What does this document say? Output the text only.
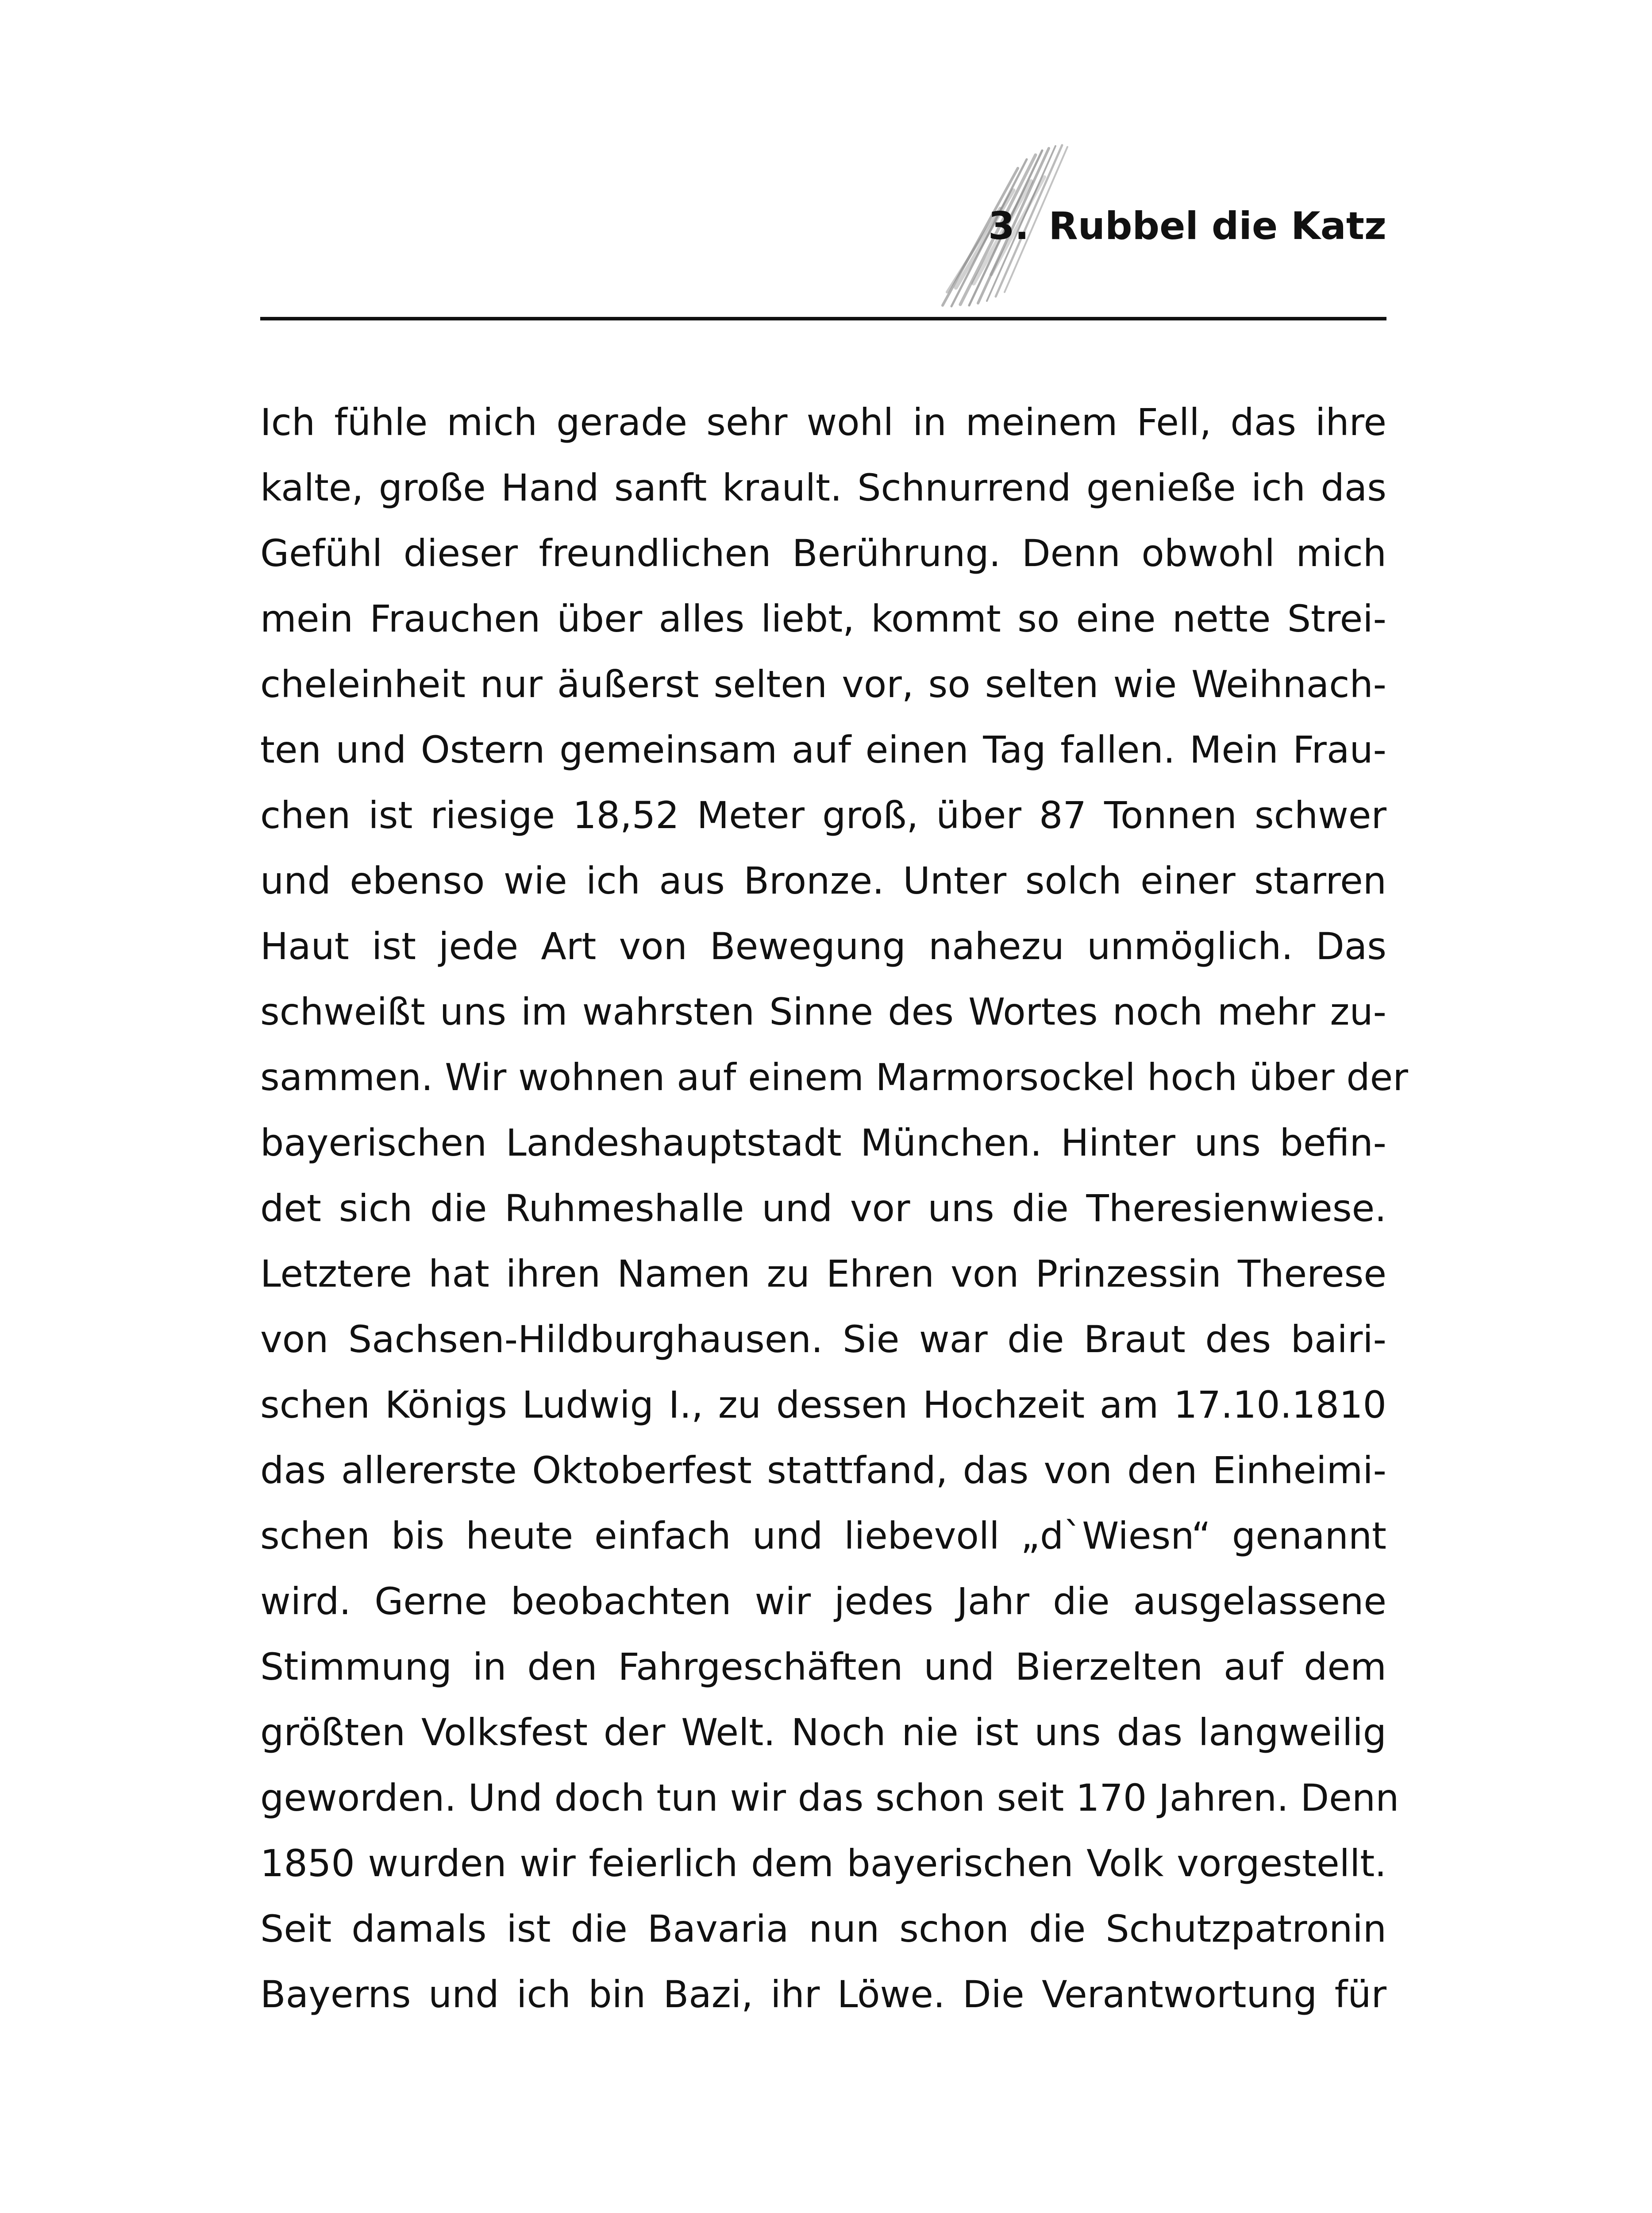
3. Rubbel die Katz
Ich fühle mich gerade sehr wohl in meinem Fell, das ihre
kalte, große Hand sanft krault. Schnurrend genieße ich das
Gefühl dieser freundlichen Berührung. Denn obwohl mich
mein Frauchen über alles liebt, kommt so eine nette Strei-
cheleinheit nur äußerst selten vor, so selten wie Weihnach-
ten und Ostern gemeinsam auf einen Tag fallen. Mein Frau-
chen ist riesige 18,52 Meter groß, über 87 Tonnen schwer
und ebenso wie ich aus Bronze. Unter solch einer starren
Haut ist jede Art von Bewegung nahezu unmöglich. Das
schweißt uns im wahrsten Sinne des Wortes noch mehr zu-
sammen. Wir wohnen auf einem Marmorsockel hoch über der
bayerischen Landeshauptstadt München. Hinter uns befin-
det sich die Ruhmeshalle und vor uns die Theresienwiese.
Letztere hat ihren Namen zu Ehren von Prinzessin Therese
von Sachsen-Hildburghausen. Sie war die Braut des bairi-
schen Königs Ludwig I., zu dessen Hochzeit am 17.10.1810
das allererste Oktoberfest stattfand, das von den Einheimi-
schen bis heute einfach und liebevoll „d`Wiesn“ genannt
wird. Gerne beobachten wir jedes Jahr die ausgelassene
Stimmung in den Fahrgeschäften und Bierzelten auf dem
größten Volksfest der Welt. Noch nie ist uns das langweilig
geworden. Und doch tun wir das schon seit 170 Jahren. Denn
1850 wurden wir feierlich dem bayerischen Volk vorgestellt.
Seit damals ist die Bavaria nun schon die Schutzpatronin
Bayerns und ich bin Bazi, ihr Löwe. Die Verantwortung für
